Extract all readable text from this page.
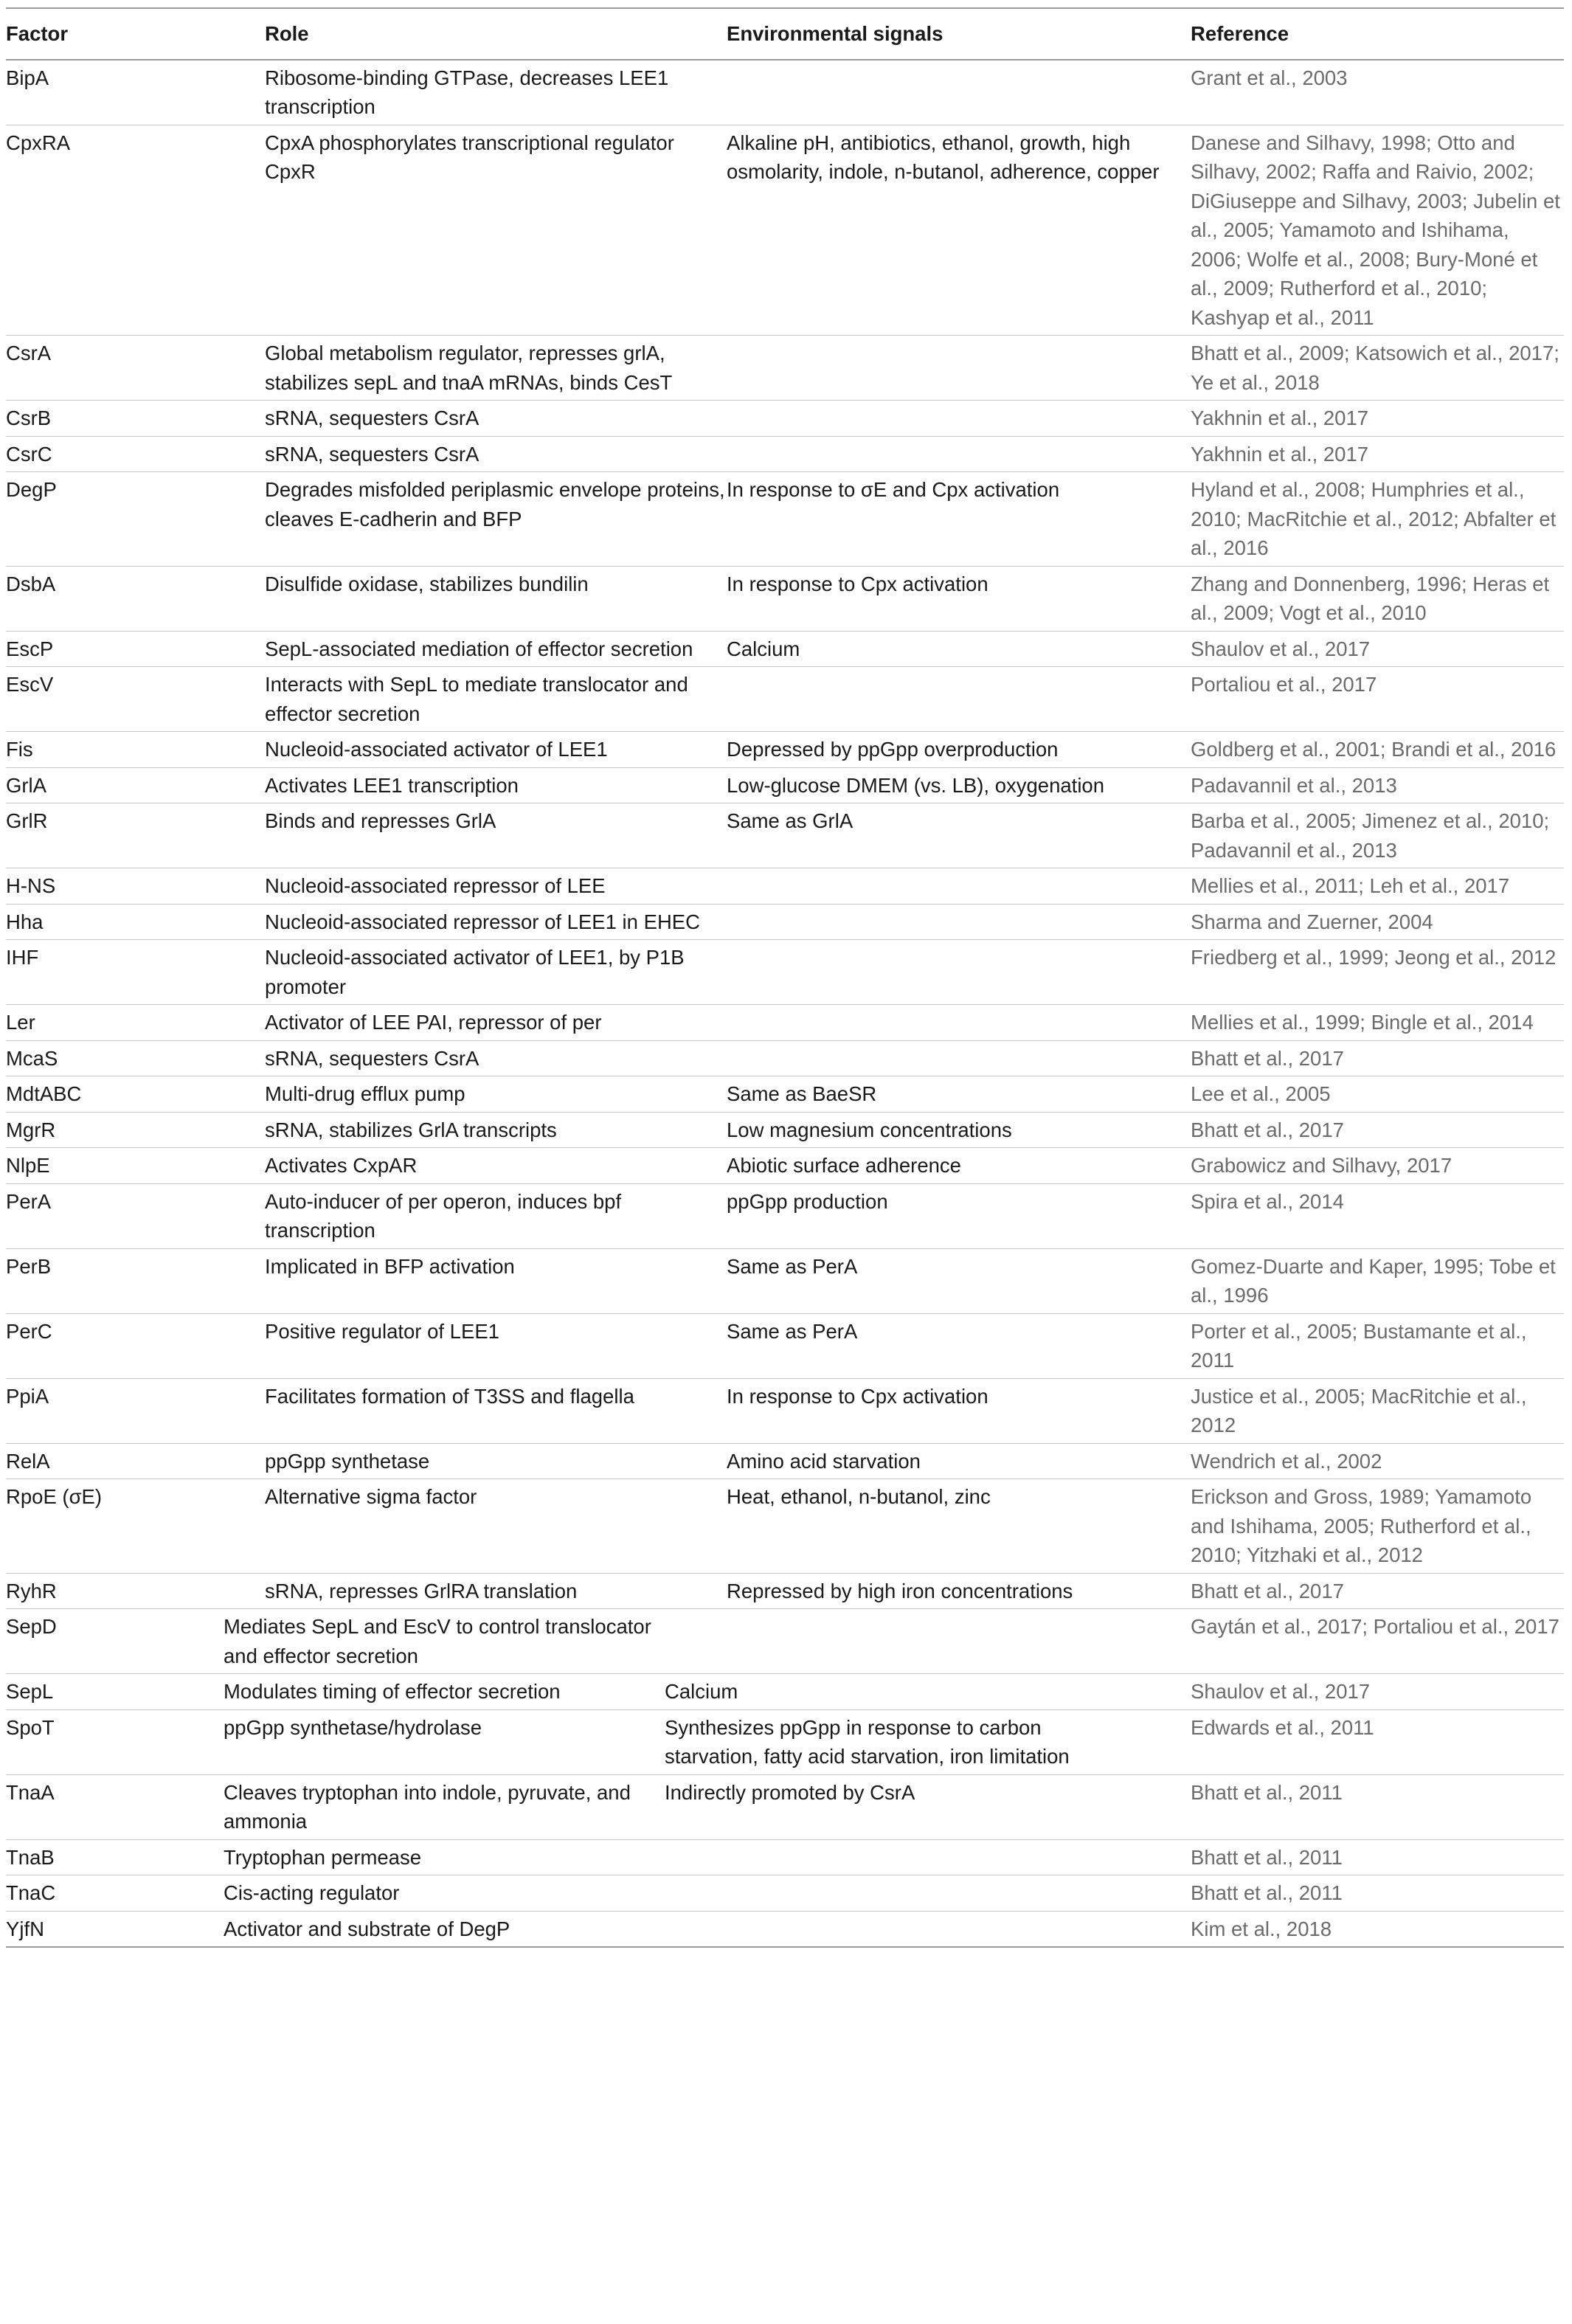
Factor	Role	Environmental signals	Reference

BipA	Ribosome-binding GTPase, decreases LEE1 transcription		Grant et al., 2003

CpxRA	CpxA phosphorylates transcriptional regulator CpxR	Alkaline pH, antibiotics, ethanol, growth, high osmolarity, indole, n-butanol, adherence, copper	Danese and Silhavy, 1998; Otto and Silhavy, 2002; Raffa and Raivio, 2002; DiGiuseppe and Silhavy, 2003; Jubelin et al., 2005; Yamamoto and Ishihama, 2006; Wolfe et al., 2008; Bury-Moné et al., 2009; Rutherford et al., 2010; Kashyap et al., 2011

CsrA	Global metabolism regulator, represses grlA, stabilizes sepL and tnaA mRNAs, binds CesT		Bhatt et al., 2009; Katsowich et al., 2017; Ye et al., 2018

CsrB	sRNA, sequesters CsrA		Yakhnin et al., 2017

CsrC	sRNA, sequesters CsrA		Yakhnin et al., 2017

DegP	Degrades misfolded periplasmic envelope proteins, cleaves E-cadherin and BFP	In response to σE and Cpx activation	Hyland et al., 2008; Humphries et al., 2010; MacRitchie et al., 2012; Abfalter et al., 2016

DsbA	Disulfide oxidase, stabilizes bundilin	In response to Cpx activation	Zhang and Donnenberg, 1996; Heras et al., 2009; Vogt et al., 2010

EscP	SepL-associated mediation of effector secretion	Calcium	Shaulov et al., 2017

EscV	Interacts with SepL to mediate translocator and effector secretion		Portaliou et al., 2017

Fis	Nucleoid-associated activator of LEE1	Depressed by ppGpp overproduction	Goldberg et al., 2001; Brandi et al., 2016

GrlA	Activates LEE1 transcription	Low-glucose DMEM (vs. LB), oxygenation	Padavannil et al., 2013

GrlR	Binds and represses GrlA	Same as GrlA	Barba et al., 2005; Jimenez et al., 2010; Padavannil et al., 2013

H-NS	Nucleoid-associated repressor of LEE		Mellies et al., 2011; Leh et al., 2017

Hha	Nucleoid-associated repressor of LEE1 in EHEC		Sharma and Zuerner, 2004

IHF	Nucleoid-associated activator of LEE1, by P1B promoter		Friedberg et al., 1999; Jeong et al., 2012

Ler	Activator of LEE PAI, repressor of per		Mellies et al., 1999; Bingle et al., 2014

McaS	sRNA, sequesters CsrA		Bhatt et al., 2017

MdtABC	Multi-drug efflux pump	Same as BaeSR	Lee et al., 2005

MgrR	sRNA, stabilizes GrlA transcripts	Low magnesium concentrations	Bhatt et al., 2017

NlpE	Activates CxpAR	Abiotic surface adherence	Grabowicz and Silhavy, 2017

PerA	Auto-inducer of per operon, induces bpf transcription	ppGpp production	Spira et al., 2014

PerB	Implicated in BFP activation	Same as PerA	Gomez-Duarte and Kaper, 1995; Tobe et al., 1996

PerC	Positive regulator of LEE1	Same as PerA	Porter et al., 2005; Bustamante et al., 2011

PpiA	Facilitates formation of T3SS and flagella	In response to Cpx activation	Justice et al., 2005; MacRitchie et al., 2012

RelA	ppGpp synthetase	Amino acid starvation	Wendrich et al., 2002

RpoE (σE)	Alternative sigma factor	Heat, ethanol, n-butanol, zinc	Erickson and Gross, 1989; Yamamoto and Ishihama, 2005; Rutherford et al., 2010; Yitzhaki et al., 2012

RyhR	sRNA, represses GrlRA translation	Repressed by high iron concentrations	Bhatt et al., 2017

SepD	Mediates SepL and EscV to control translocator and effector secretion		Gaytán et al., 2017; Portaliou et al., 2017

SepL	Modulates timing of effector secretion	Calcium	Shaulov et al., 2017

SpoT	ppGpp synthetase/hydrolase	Synthesizes ppGpp in response to carbon starvation, fatty acid starvation, iron limitation	Edwards et al., 2011

TnaA	Cleaves tryptophan into indole, pyruvate, and ammonia	Indirectly promoted by CsrA	Bhatt et al., 2011

TnaB	Tryptophan permease		Bhatt et al., 2011

TnaC	Cis-acting regulator		Bhatt et al., 2011

YjfN	Activator and substrate of DegP		Kim et al., 2018
